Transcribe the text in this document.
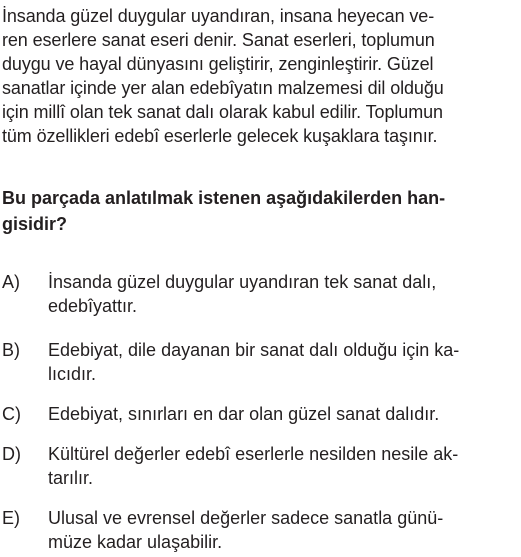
İnsanda güzel duygular uyandıran, insana heyecan ve-
ren eserlere sanat eseri denir. Sanat eserleri, toplumun
duygu ve hayal dünyasını geliştirir, zenginleştirir. Güzel
sanatlar içinde yer alan edebîyatın malzemesi dil olduğu
için millî olan tek sanat dalı olarak kabul edilir. Toplumun
tüm özellikleri edebî eserlerle gelecek kuşaklara taşınır.
Bu parçada anlatılmak istenen aşağıdakilerden han-
gisidir?
A) İnsanda güzel duygular uyandıran tek sanat dalı,
edebîyattır.
B) Edebiyat, dile dayanan bir sanat dalı olduğu için ka-
lıcıdır.
C) Edebiyat, sınırları en dar olan güzel sanat dalıdır.
D) Kültürel değerler edebî eserlerle nesilden nesile ak-
tarılır.
E) Ulusal ve evrensel değerler sadece sanatla günü-
müze kadar ulaşabilir.
